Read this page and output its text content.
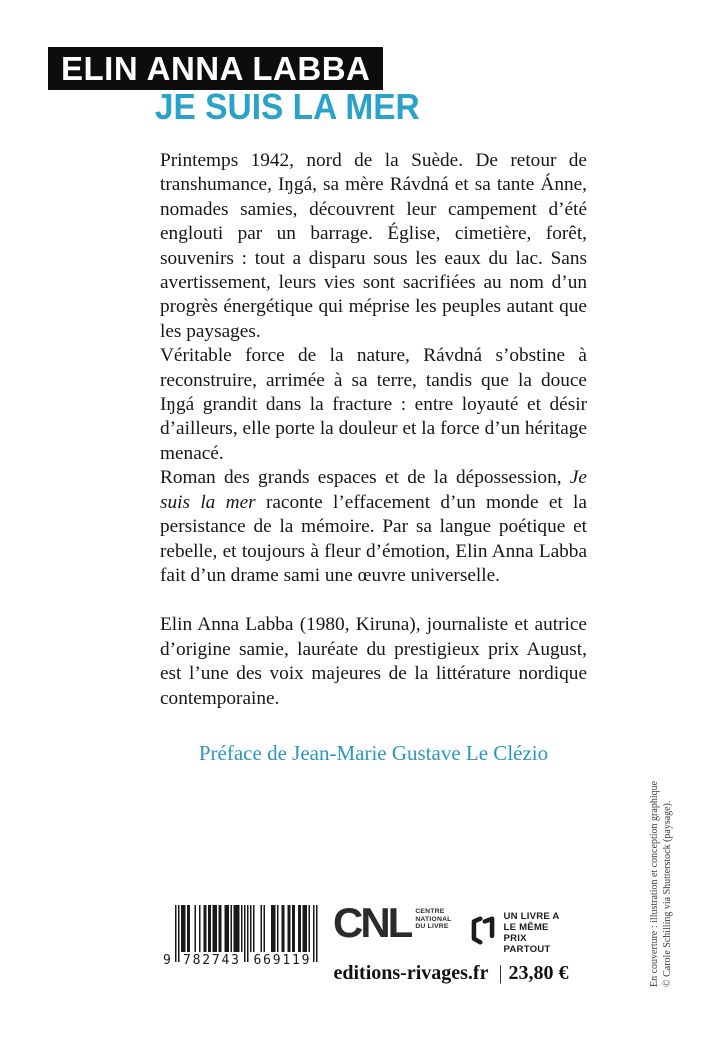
ELIN ANNA LABBA
JE SUIS LA MER

Printemps 1942, nord de la Suède. De retour de transhumance, Iŋgá, sa mère Rávdná et sa tante Ánne, nomades samies, découvrent leur campement d’été englouti par un barrage. Église, cimetière, forêt, souvenirs : tout a disparu sous les eaux du lac. Sans avertissement, leurs vies sont sacrifiées au nom d’un progrès énergétique qui méprise les peuples autant que les paysages.

Véritable force de la nature, Rávdná s’obstine à reconstruire, arrimée à sa terre, tandis que la douce Iŋgá grandit dans la fracture : entre loyauté et désir d’ailleurs, elle porte la douleur et la force d’un héritage menacé.

Roman des grands espaces et de la dépossession, Je suis la mer raconte l’effacement d’un monde et la persistance de la mémoire. Par sa langue poétique et rebelle, et toujours à fleur d’émotion, Elin Anna Labba fait d’un drame sami une œuvre universelle.

Elin Anna Labba (1980, Kiruna), journaliste et autrice d’origine samie, lauréate du prestigieux prix August, est l’une des voix majeures de la littérature nordique contemporaine.

Préface de Jean-Marie Gustave Le Clézio
9 782743 669119
CNL CENTRE
NATIONAL
DU LIVRE
UN LIVRE A
LE MÊME PRIX
PARTOUT
editions-rivages.fr | 23,80 €	En couverture : illustration et conception graphique © Carole Schilling via Shutterstock (paysage).
